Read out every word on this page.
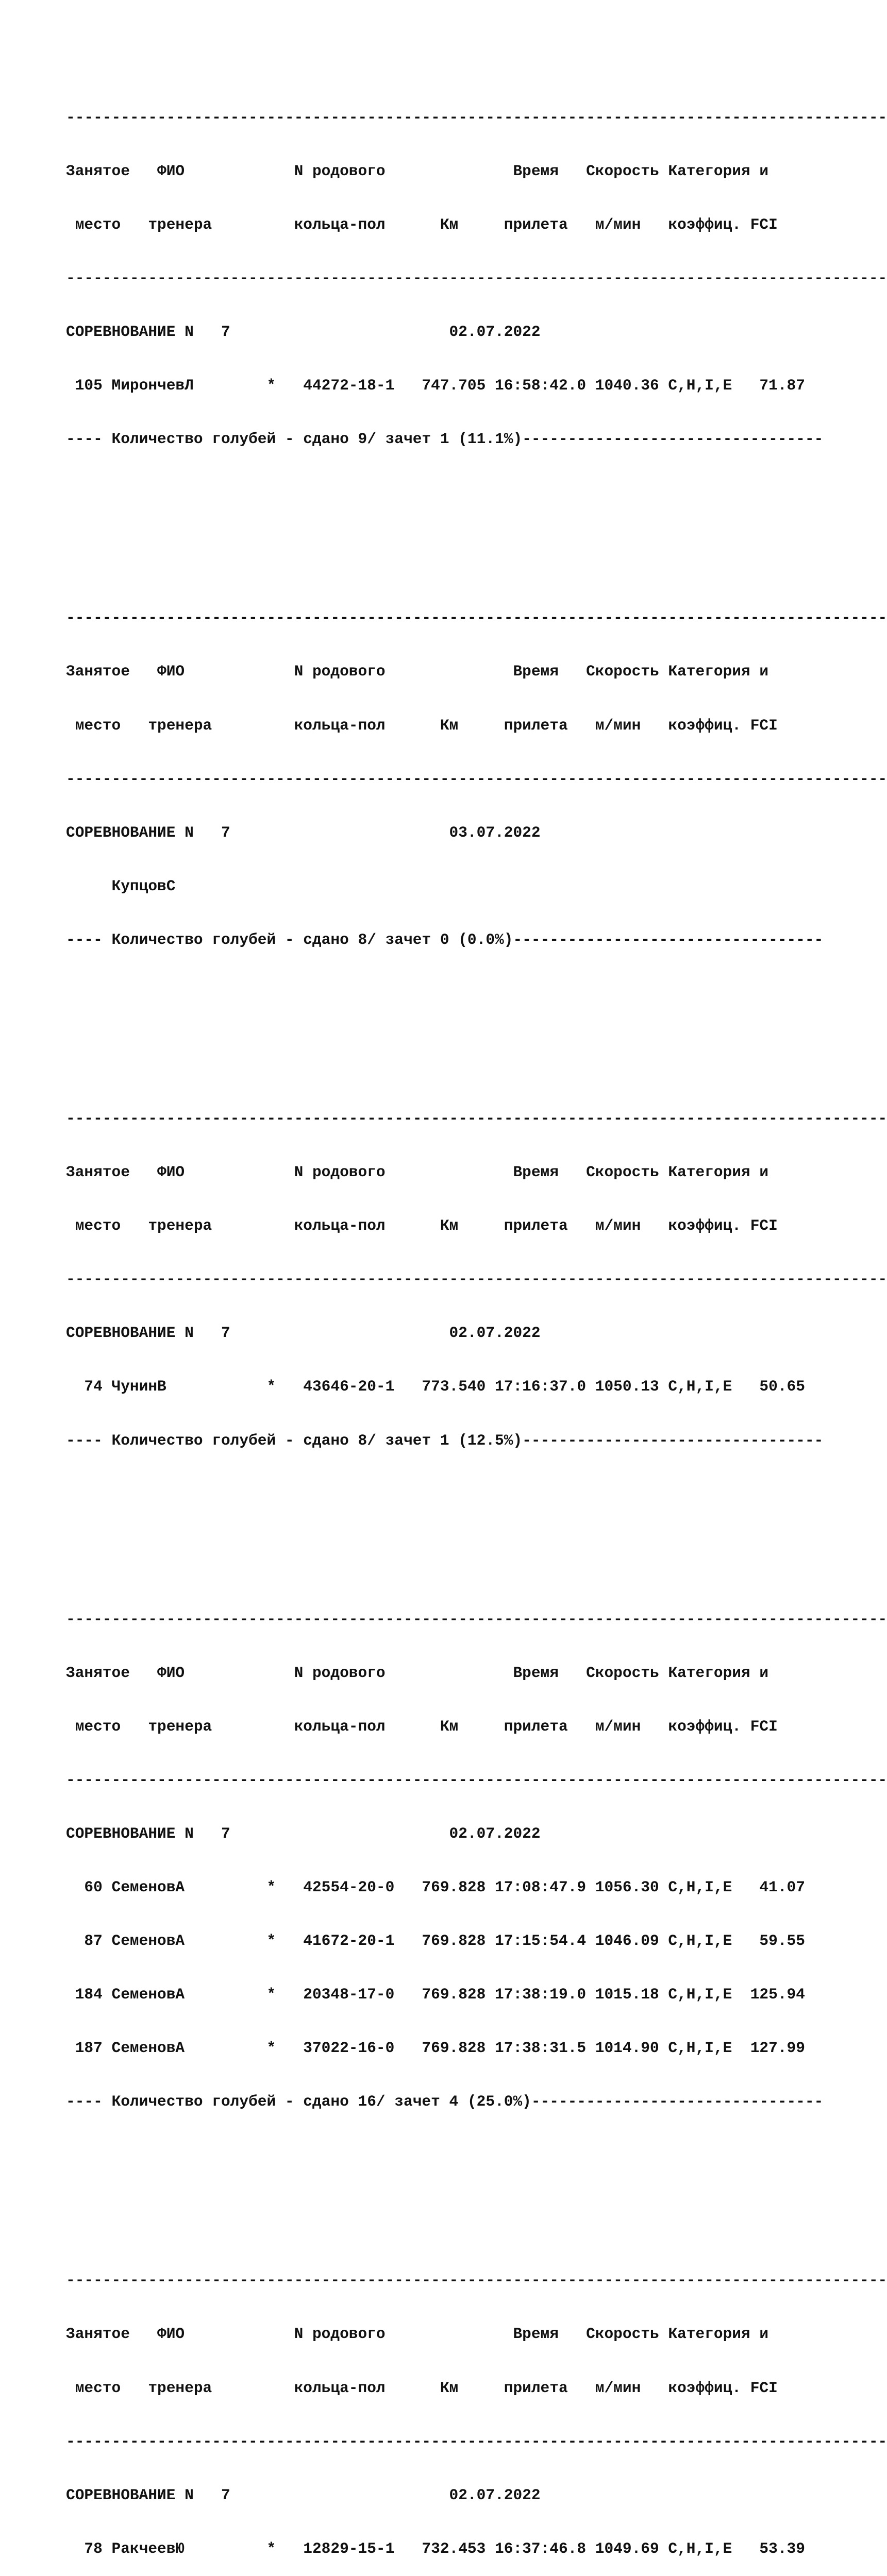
------------------------------------------------------------------------------------------

Занятое   ФИО            N родового              Время   Скорость Категория и

место   тренера         кольца-пол      Км     прилета   м/мин   коэффиц. FCI

------------------------------------------------------------------------------------------

СОРЕВНОВАНИЕ N   7                        02.07.2022

105 МирончевЛ        *   44272-18-1   747.705 16:58:42.0 1040.36 C,H,I,E   71.87

---- Количество голубей - сдано 9/ зачет 1 (11.1%)---------------------------------

------------------------------------------------------------------------------------------

Занятое   ФИО            N родового              Время   Скорость Категория и

место   тренера         кольца-пол      Км     прилета   м/мин   коэффиц. FCI

------------------------------------------------------------------------------------------

СОРЕВНОВАНИЕ N   7                        03.07.2022

КупцовС

---- Количество голубей - сдано 8/ зачет 0 (0.0%)----------------------------------

------------------------------------------------------------------------------------------

Занятое   ФИО            N родового              Время   Скорость Категория и

место   тренера         кольца-пол      Км     прилета   м/мин   коэффиц. FCI

------------------------------------------------------------------------------------------

СОРЕВНОВАНИЕ N   7                        02.07.2022

74 ЧунинВ           *   43646-20-1   773.540 17:16:37.0 1050.13 C,H,I,E   50.65

---- Количество голубей - сдано 8/ зачет 1 (12.5%)---------------------------------

------------------------------------------------------------------------------------------

Занятое   ФИО            N родового              Время   Скорость Категория и

место   тренера         кольца-пол      Км     прилета   м/мин   коэффиц. FCI

------------------------------------------------------------------------------------------

СОРЕВНОВАНИЕ N   7                        02.07.2022

60 СеменовА         *   42554-20-0   769.828 17:08:47.9 1056.30 C,H,I,E   41.07

87 СеменовА         *   41672-20-1   769.828 17:15:54.4 1046.09 C,H,I,E   59.55

184 СеменовА         *   20348-17-0   769.828 17:38:19.0 1015.18 C,H,I,E  125.94

187 СеменовА         *   37022-16-0   769.828 17:38:31.5 1014.90 C,H,I,E  127.99

---- Количество голубей - сдано 16/ зачет 4 (25.0%)--------------------------------

------------------------------------------------------------------------------------------

Занятое   ФИО            N родового              Время   Скорость Категория и

место   тренера         кольца-пол      Км     прилета   м/мин   коэффиц. FCI

------------------------------------------------------------------------------------------

СОРЕВНОВАНИЕ N   7                        02.07.2022

78 РакчеевЮ         *   12829-15-1   732.453 16:37:46.8 1049.69 C,H,I,E   53.39
